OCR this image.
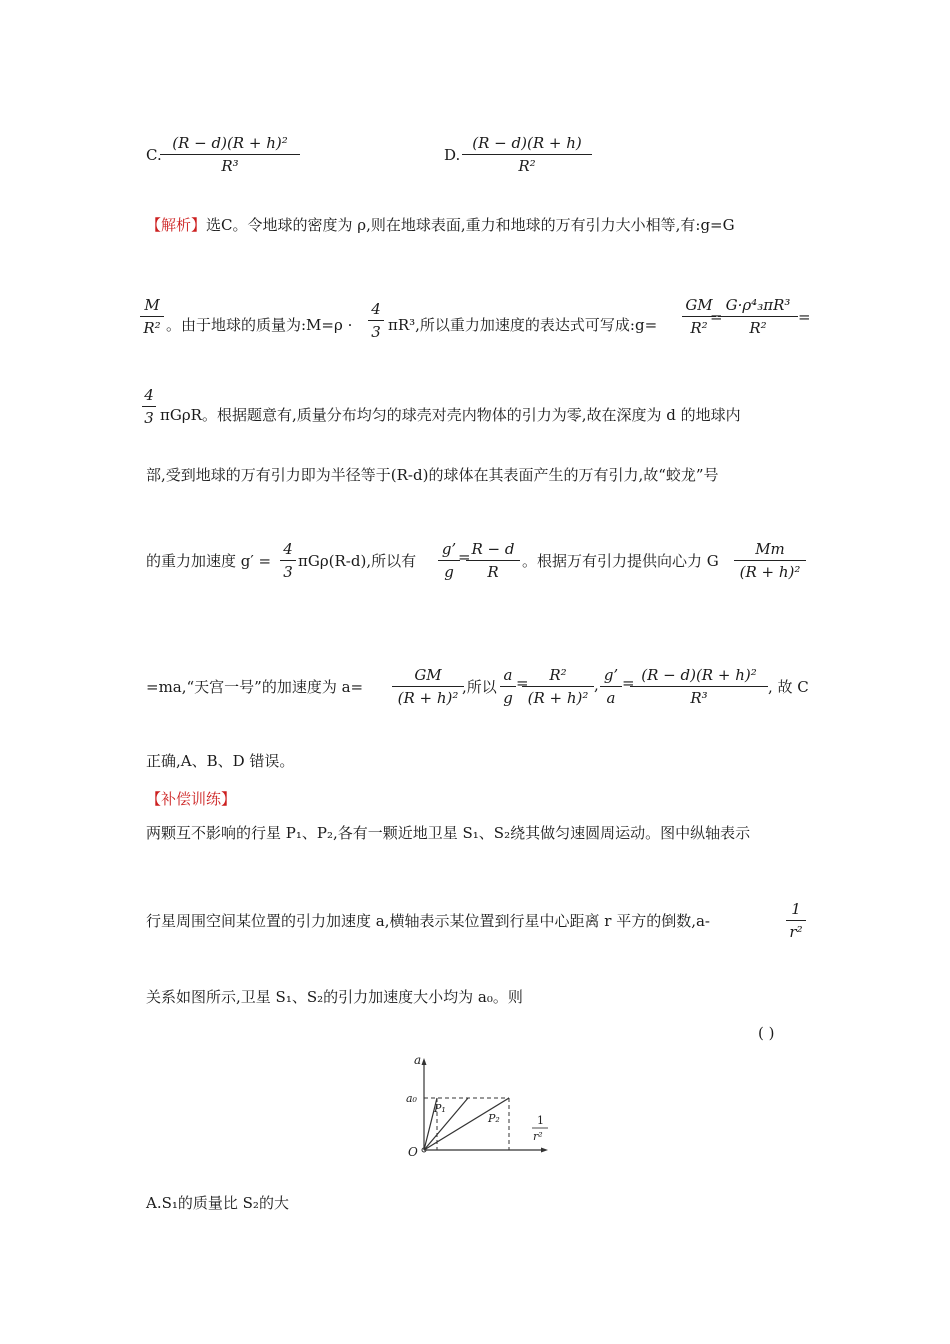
C.
(R − d)(R + h)²
R³
D.
(R − d)(R + h)
R²
【解析】选C。令地球的密度为 ρ,则在地球表面,重力和地球的万有引力大小相等,有:g=G
M
R² 。由于地球的质量为:M=ρ ·
4
3 πR³,所以重力加速度的表达式可写成:g=
GM
R²
=
G·ρ⁴₃πR³
R²
=
4
3 πGρR。根据题意有,质量分布均匀的球壳对壳内物体的引力为零,故在深度为 d 的地球内
部,受到地球的万有引力即为半径等于(R-d)的球体在其表面产生的万有引力,故“蛟龙”号
的重力加速度 g′ =
4
3
πGρ(R-d),所以有
g’
g
= R − d
R
。根据万有引力提供向心力 G
Mm
(R + h)²
=ma,“天宫一号”的加速度为 a=
GM
(R + h)²
,所以
a
g
=	R²
(R + h)²
,
g’
a
= (R − d)(R + h)²
R³
, 故 C
正确,A、B、D 错误。
【补偿训练】
两颗互不影响的行星 P₁、P₂,各有一颗近地卫星 S₁、S₂绕其做匀速圆周运动。图中纵轴表示
行星周围空间某位置的引力加速度 a,横轴表示某位置到行星中心距离 r 平方的倒数,a-
1
r²
关系如图所示,卫星 S₁、S₂的引力加速度大小均为 a₀。则
( )
a
a₀
O
P₁
P₂	1
r²
A.S₁的质量比 S₂的大
